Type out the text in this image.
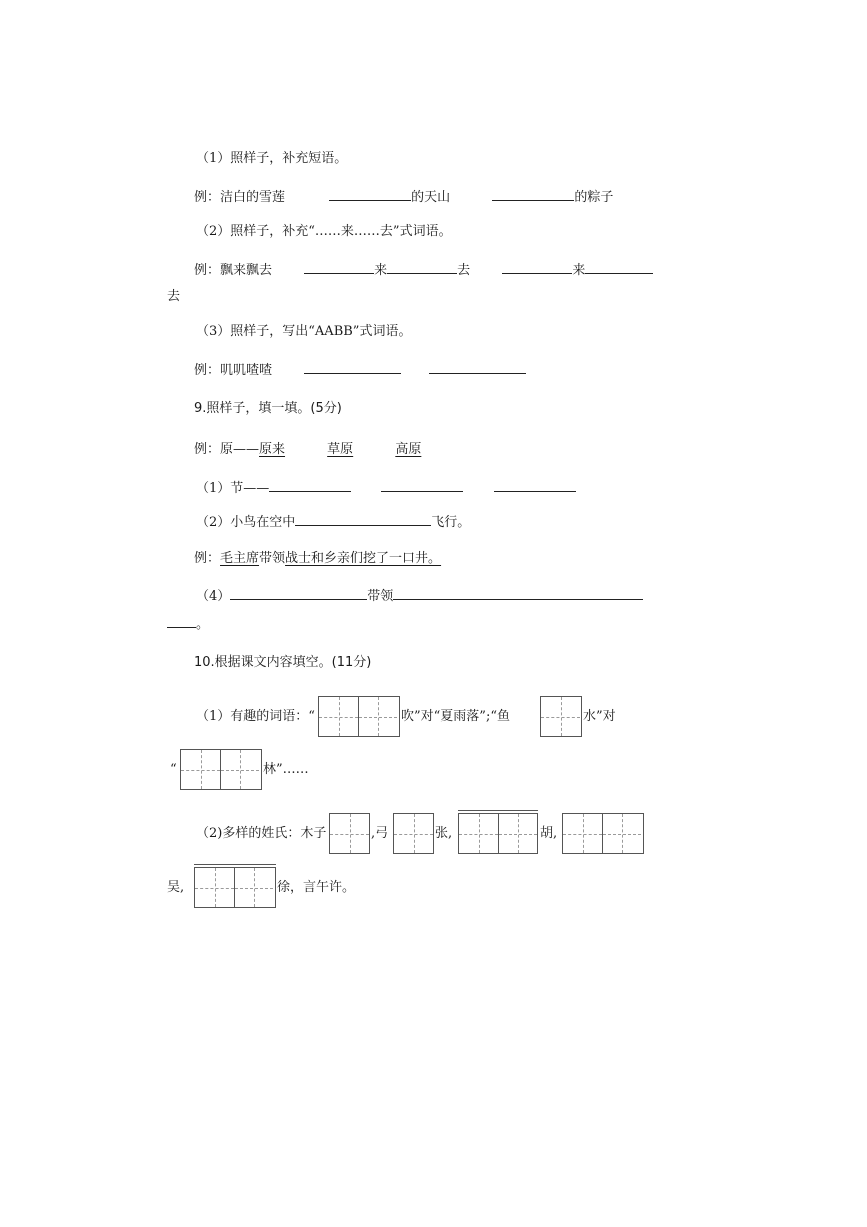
（1）照样子，补充短语。
例：洁白的雪莲	的天山	的粽子
（2）照样子，补充“……来……去”式词语。
例：飘来飘去	来	去	来
去
（3）照样子，写出“AABB”式词语。
例：叽叽喳喳
9.照样子，填一填。(5分)
例：原——原来	草原	高原
（1）节——
（2）小鸟在空中	飞行。
例：毛主席带领战士和乡亲们挖了一口井。
（4）	带领
。
10.根据课文内容填空。(11分)
（1）有趣的词语：“	吹”对“夏雨落”;“鱼	水”对
“	林”……
（2)多样的姓氏：木子	,弓	张,	胡,
吴,	徐，言午许。
